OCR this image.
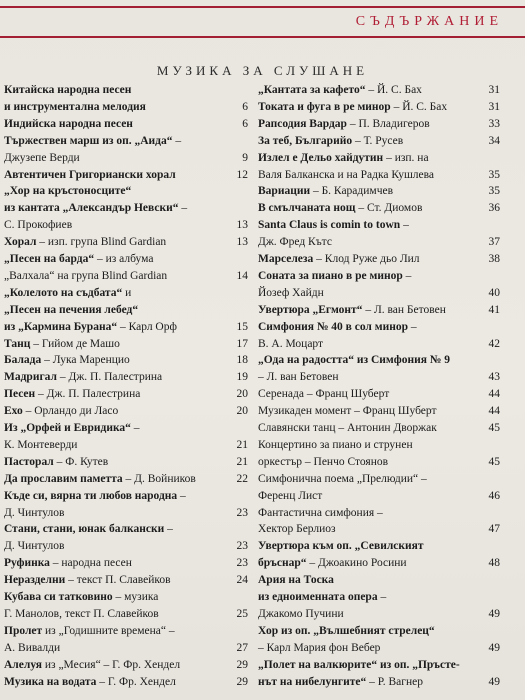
СЪДЪРЖАНИЕ
МУЗИКА ЗА СЛУШАНЕ
Китайска народна песен
и инструментална мелодия	6
Индийска народна песен	6
Тържествен марш из оп. „Аида“ –
Джузепе Верди	9
Автентичен Григориански хорал	12
„Хор на кръстоносците“
из кантата „Александър Невски“ –
С. Прокофиев	13
Хорал – изп. група Blind Gardian	13
„Песен на барда“ – из албума
„Валхала“ на група Blind Gardian	14
„Колелото на съдбата“ и
„Песен на печения лебед“
из „Кармина Бурана“ – Карл Орф	15
Танц – Гийом де Машо	17
Балада – Лука Маренцио	18
Мадригал – Дж. П. Палестрина	19
Песен – Дж. П. Палестрина	20
Ехо – Орландо ди Ласо	20
Из „Орфей и Евридика“ –
К. Монтеверди	21
Пасторал – Ф. Кутев	21
Да прославим паметта – Д. Войников	22
Къде си, вярна ти любов народна –
Д. Чинтулов	23
Стани, стани, юнак балкански –
Д. Чинтулов	23
Руфинка – народна песен	23
Неразделни – текст П. Славейков	24
Кубава си татковино – музика
Г. Манолов, текст П. Славейков	25
Пролет из „Годишните времена“ –
А. Вивалди	27
Алелуя из „Месия“ – Г. Фр. Хендел	29
Музика на водата – Г. Фр. Хендел	29
„Кантата за кафето“ – Й. С. Бах	31
Токата и фуга в ре минор – Й. С. Бах	31
Рапсодия Вардар – П. Владигеров	33
За теб, Българийо – Т. Русев	34
Излел е Дельо хайдутин – изп. на
Валя Балканска и на Радка Кушлева	35
Вариации – Б. Карадимчев	35
В смълчаната нощ – Ст. Диомов	36
Santa Claus is comin to town –
Дж. Фред Кътс	37
Марселеза – Клод Руже дьо Лил	38
Соната за пиано в ре минор –
Йозеф Хайдн	40
Увертюра „Егмонт“ – Л. ван Бетовен	41
Симфония № 40 в сол минор –
В. А. Моцарт	42
„Ода на радостта“ из Симфония № 9
– Л. ван Бетовен	43
Серенада – Франц Шуберт	44
Музикаден момент – Франц Шуберт	44
Славянски танц – Антонин Дворжак	45
Концертино за пиано и струнен
оркестър – Пенчо Стоянов	45
Симфонична поема „Прелюдии“ –
Ференц Лист	46
Фантастична симфония –
Хектор Берлиоз	47
Увертюра към оп. „Севилският
бръснар“ – Джоакино Росини	48
Ария на Тоска
из едноименната опера –
Джакомо Пучини	49
Хор из оп. „Вълшебният стрелец“
– Карл Мария фон Вебер	49
„Полет на валкюрите“ из оп. „Пръсте-
нът на нибелунгите“ – Р. Вагнер	49
